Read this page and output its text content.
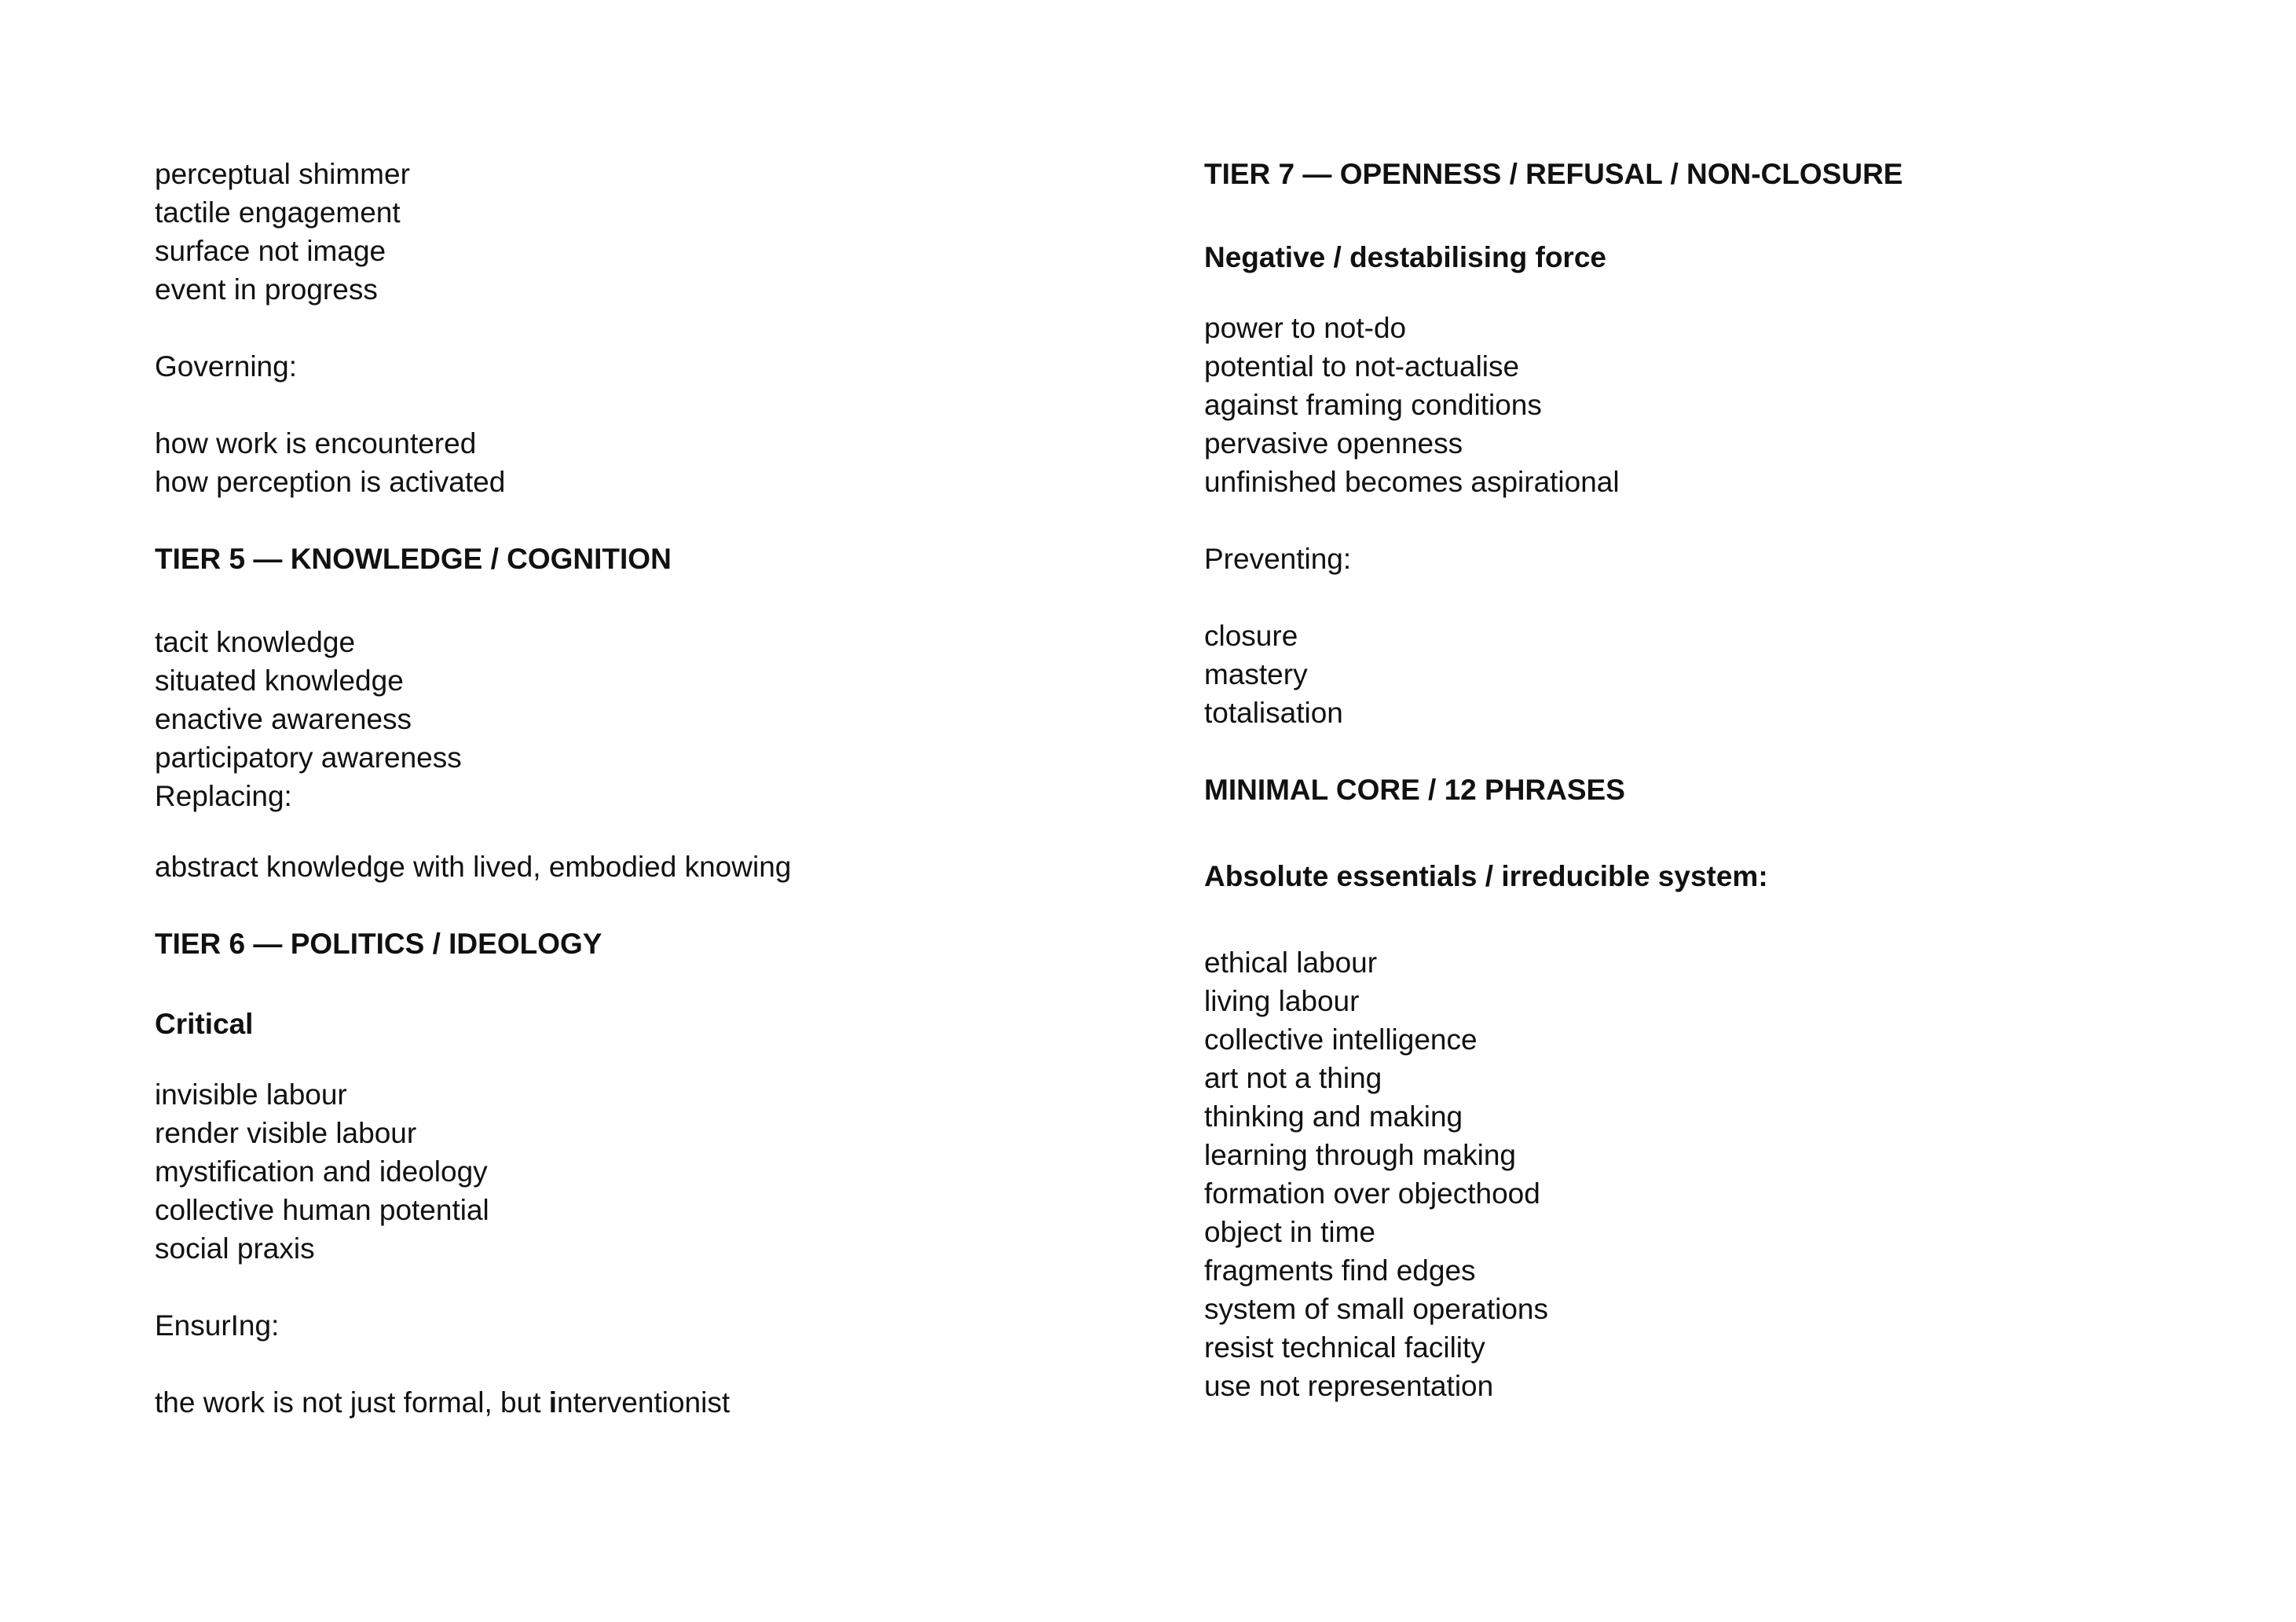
perceptual shimmer
tactile engagement
surface not image
event in progress
Governing:
how work is encountered
how perception is activated
TIER 5 — KNOWLEDGE / COGNITION
tacit knowledge
situated knowledge
enactive awareness
participatory awareness
Replacing:
abstract knowledge with lived, embodied knowing
TIER 6 — POLITICS / IDEOLOGY
Critical
invisible labour
render visible labour
mystification and ideology
collective human potential
social praxis
EnsurIng:
the work is not just formal, but interventionist
TIER 7 — OPENNESS / REFUSAL / NON-CLOSURE
Negative / destabilising force
power to not-do
potential to not-actualise
against framing conditions
pervasive openness
unfinished becomes aspirational
Preventing:
closure
mastery
totalisation
MINIMAL CORE / 12 PHRASES
Absolute essentials / irreducible system:
ethical labour
living labour
collective intelligence
art not a thing
thinking and making
learning through making
formation over objecthood
object in time
fragments find edges
system of small operations
resist technical facility
use not representation
